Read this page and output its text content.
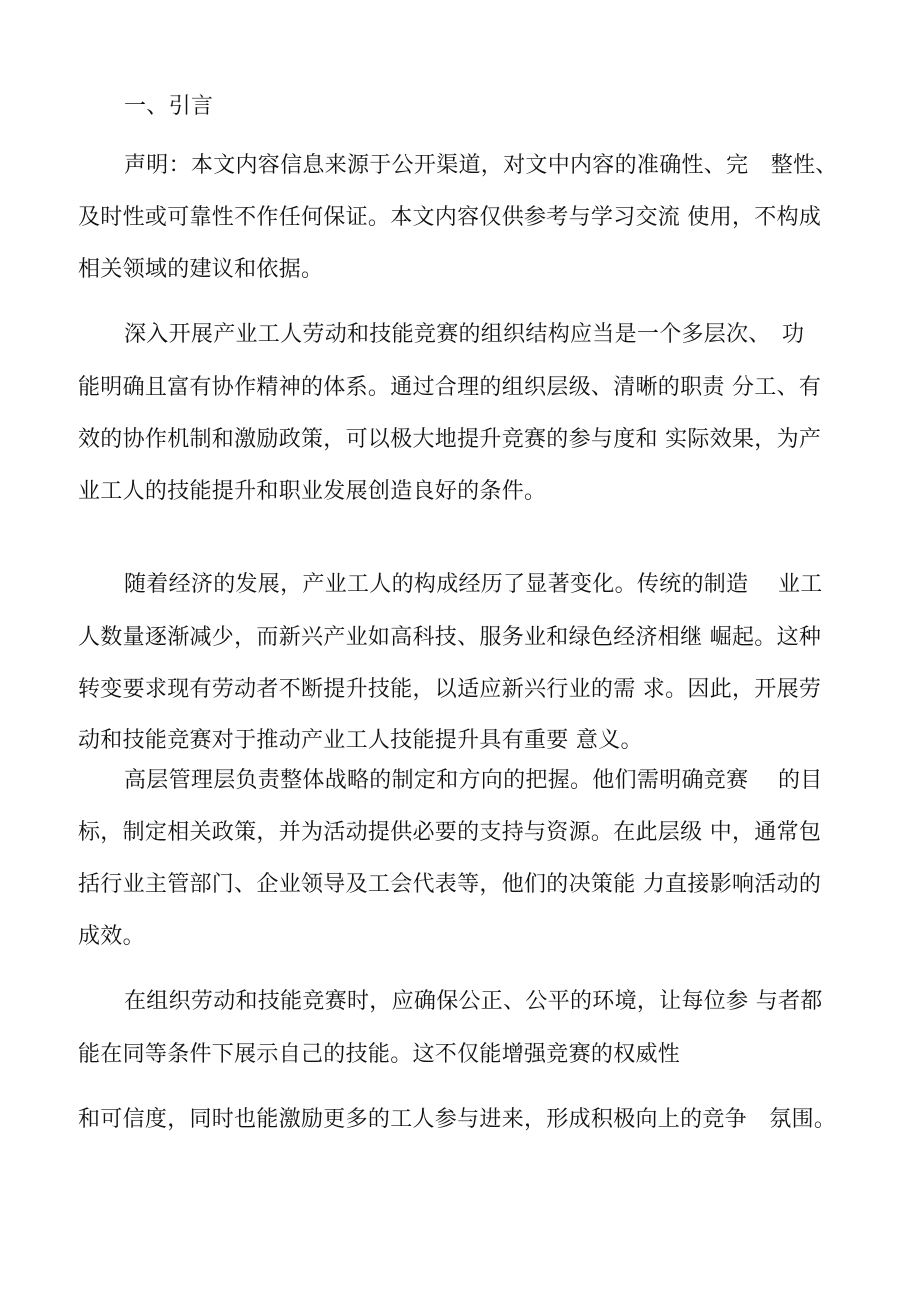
一、引言
声明：本文内容信息来源于公开渠道，对文中内容的准确性、完　整性、
及时性或可靠性不作任何保证。本文内容仅供参考与学习交流 使用，不构成
相关领域的建议和依据。
深入开展产业工人劳动和技能竞赛的组织结构应当是一个多层次、　功
能明确且富有协作精神的体系。通过合理的组织层级、清晰的职责 分工、有
效的协作机制和激励政策，可以极大地提升竞赛的参与度和 实际效果，为产
业工人的技能提升和职业发展创造良好的条件。
随着经济的发展，产业工人的构成经历了显著变化。传统的制造　 业工
人数量逐渐减少，而新兴产业如高科技、服务业和绿色经济相继 崛起。这种
转变要求现有劳动者不断提升技能，以适应新兴行业的需 求。因此，开展劳
动和技能竞赛对于推动产业工人技能提升具有重要 意义。
高层管理层负责整体战略的制定和方向的把握。他们需明确竞赛　 的目
标，制定相关政策，并为活动提供必要的支持与资源。在此层级 中，通常包
括行业主管部门、企业领导及工会代表等，他们的决策能 力直接影响活动的
成效。
在组织劳动和技能竞赛时，应确保公正、公平的环境，让每位参 与者都
能在同等条件下展示自己的技能。这不仅能增强竞赛的权威性
和可信度，同时也能激励更多的工人参与进来，形成积极向上的竞争　氛围。
